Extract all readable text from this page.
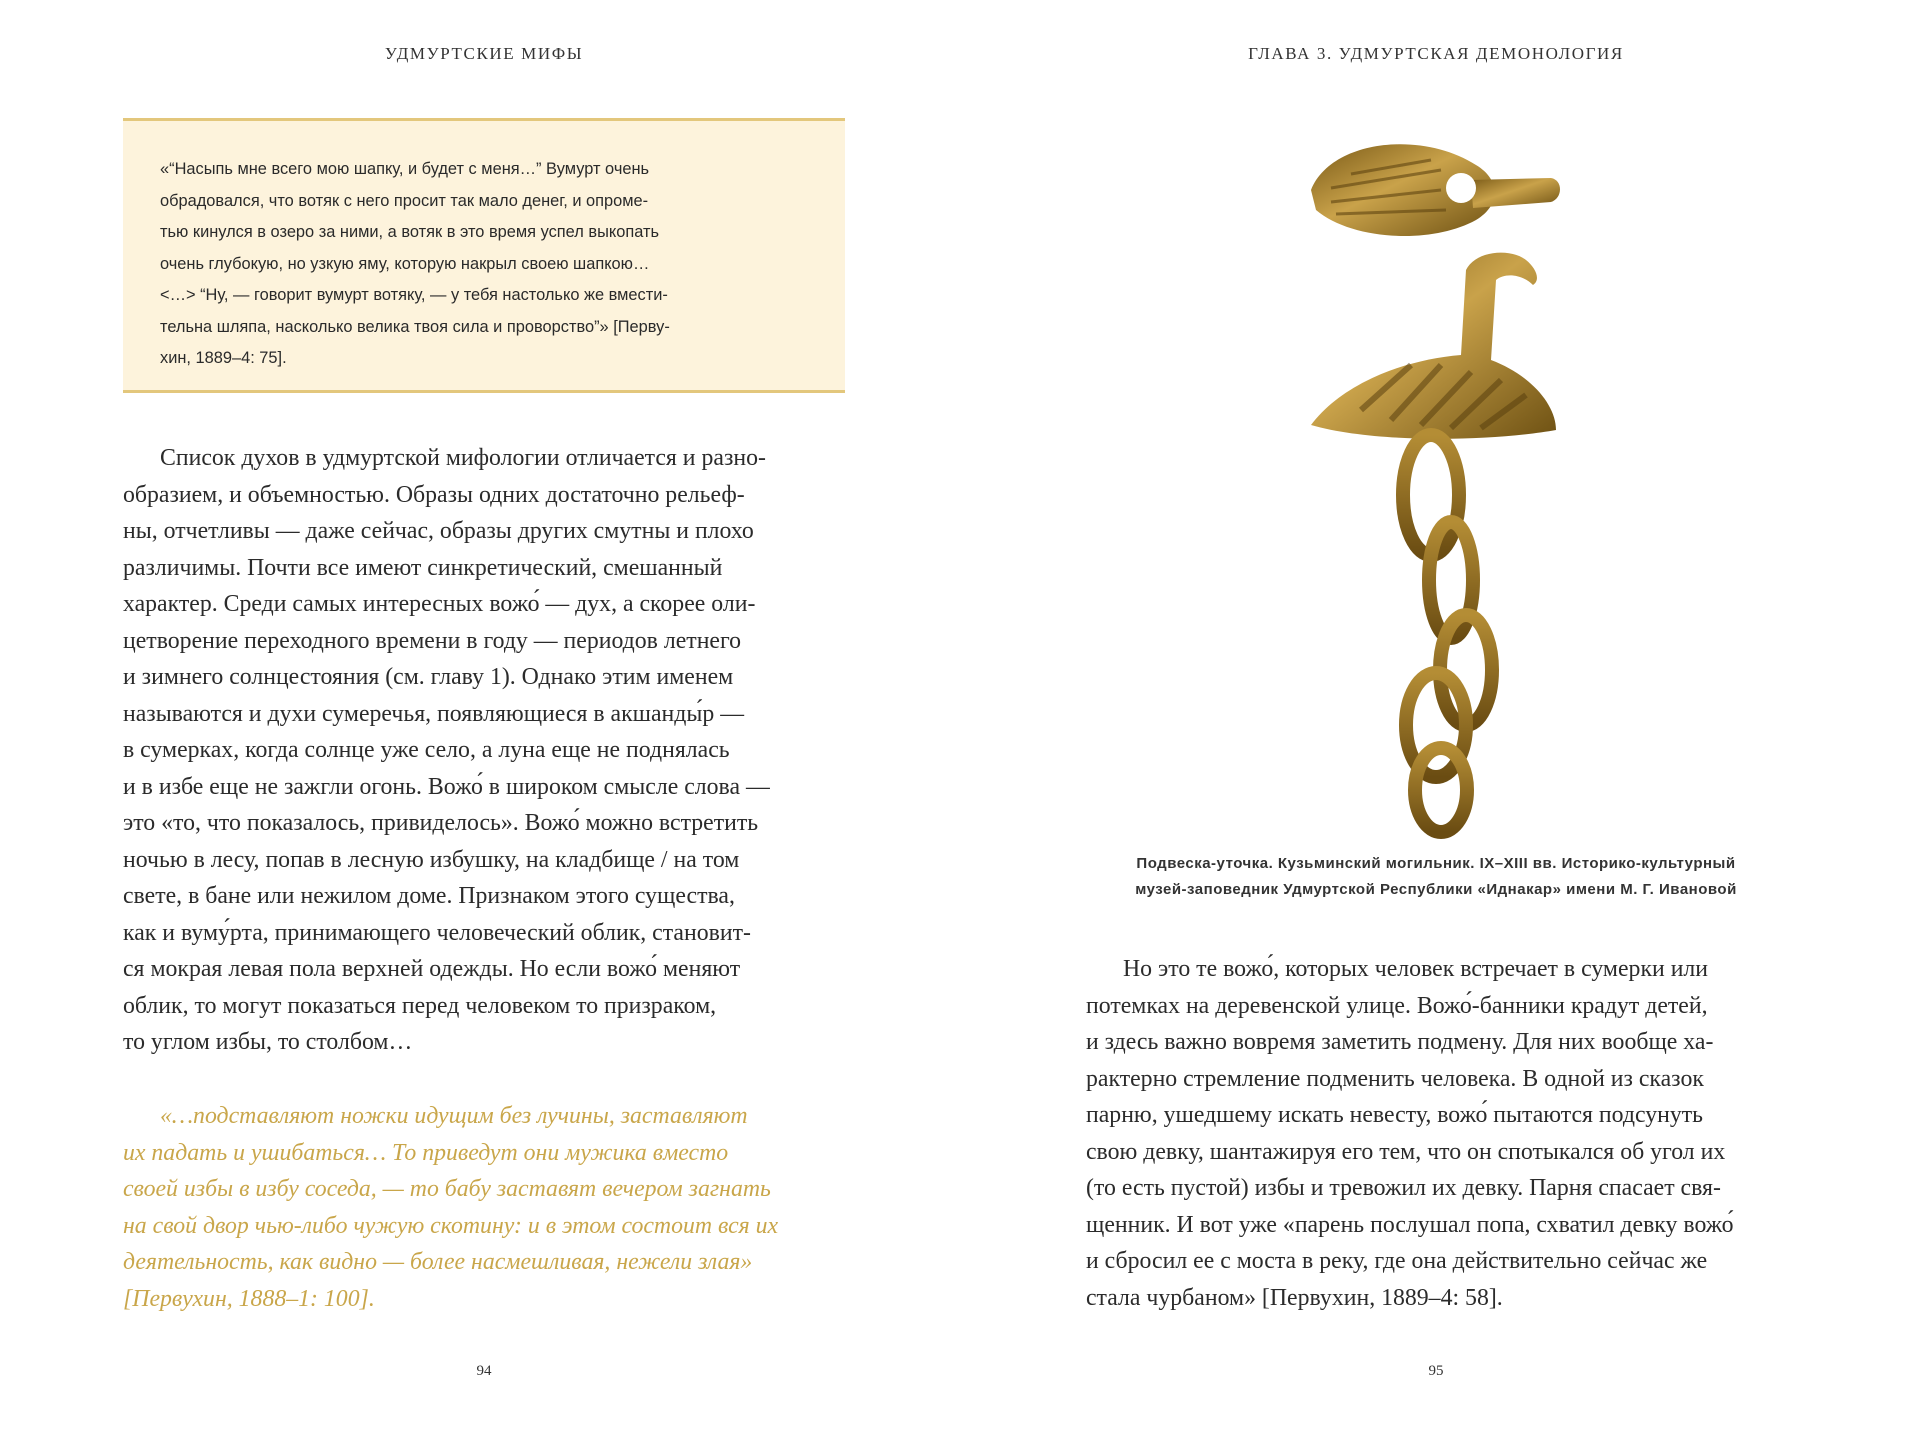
УДМУРТСКИЕ МИФЫ
«“Насыпь мне всего мою шапку, и будет с меня…” Вумурт очень
обрадовался, что вотяк с него просит так мало денег, и опроме-
тью кинулся в озеро за ними, а вотяк в это время успел выкопать
очень глубокую, но узкую яму, которую накрыл своею шапкою…
<…> “Ну, — говорит вумурт вотяку, — у тебя настолько же вмести-
тельна шляпа, насколько велика твоя сила и проворство”» [Перву-
хин, 1889–4: 75].
Список духов в удмуртской мифологии отличается и разно-
образием, и объемностью. Образы одних достаточно рельеф-
ны, отчетливы — даже сейчас, образы других смутны и плохо
различимы. Почти все имеют синкретический, смешанный
характер. Среди самых интересных вожо́ — дух, а скорее оли-
цетворение переходного времени в году — периодов летнего
и зимнего солнцестояния (см. главу 1). Однако этим именем
называются и духи сумеречья, появляющиеся в акшанды́р —
в сумерках, когда солнце уже село, а луна еще не поднялась
и в избе еще не зажгли огонь. Вожо́ в широком смысле слова —
это «то, что показалось, привиделось». Вожо́ можно встретить
ночью в лесу, попав в лесную избушку, на кладбище / на том
свете, в бане или нежилом доме. Признаком этого существа,
как и вуму́рта, принимающего человеческий облик, становит-
ся мокрая левая пола верхней одежды. Но если вожо́ меняют
облик, то могут показаться перед человеком то призраком,
то углом избы, то столбом…
«…подставляют ножки идущим без лучины, заставляют
их падать и ушибаться… То приведут они мужика вместо
своей избы в избу соседа, — то бабу заставят вечером загнать
на свой двор чью-либо чужую скотину: и в этом состоит вся их
деятельность, как видно — более насмешливая, нежели злая»
[Первухин, 1888–1: 100].
94
ГЛАВА 3. УДМУРТСКАЯ ДЕМОНОЛОГИЯ
Подвеска-уточка. Кузьминский могильник. IX–XIII вв. Историко-культурный
музей-заповедник Удмуртской Республики «Иднакар» имени М. Г. Ивановой
Но это те вожо́, которых человек встречает в сумерки или
потемках на деревенской улице. Вожо́-банники крадут детей,
и здесь важно вовремя заметить подмену. Для них вообще ха-
рактерно стремление подменить человека. В одной из сказок
парню, ушедшему искать невесту, вожо́ пытаются подсунуть
свою девку, шантажируя его тем, что он спотыкался об угол их
(то есть пустой) избы и тревожил их девку. Парня спасает свя-
щенник. И вот уже «парень послушал попа, схватил девку вожо́
и сбросил ее с моста в реку, где она действительно сейчас же
стала чурбаном» [Первухин, 1889–4: 58].
95
